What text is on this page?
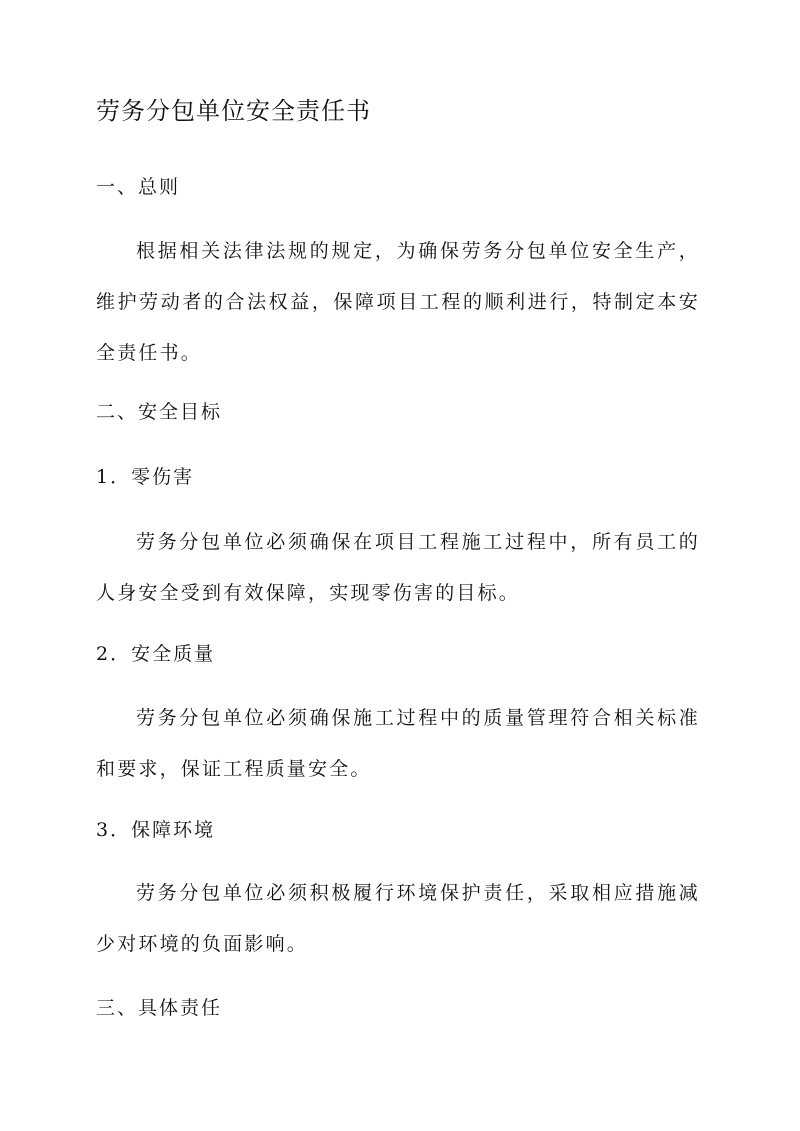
劳务分包单位安全责任书
一、总则
根据相关法律法规的规定，为确保劳务分包单位安全生产，维护劳动者的合法权益，保障项目工程的顺利进行，特制定本安全责任书。
二、安全目标
1．零伤害
劳务分包单位必须确保在项目工程施工过程中，所有员工的人身安全受到有效保障，实现零伤害的目标。
2．安全质量
劳务分包单位必须确保施工过程中的质量管理符合相关标准和要求，保证工程质量安全。
3．保障环境
劳务分包单位必须积极履行环境保护责任，采取相应措施减少对环境的负面影响。
三、具体责任
